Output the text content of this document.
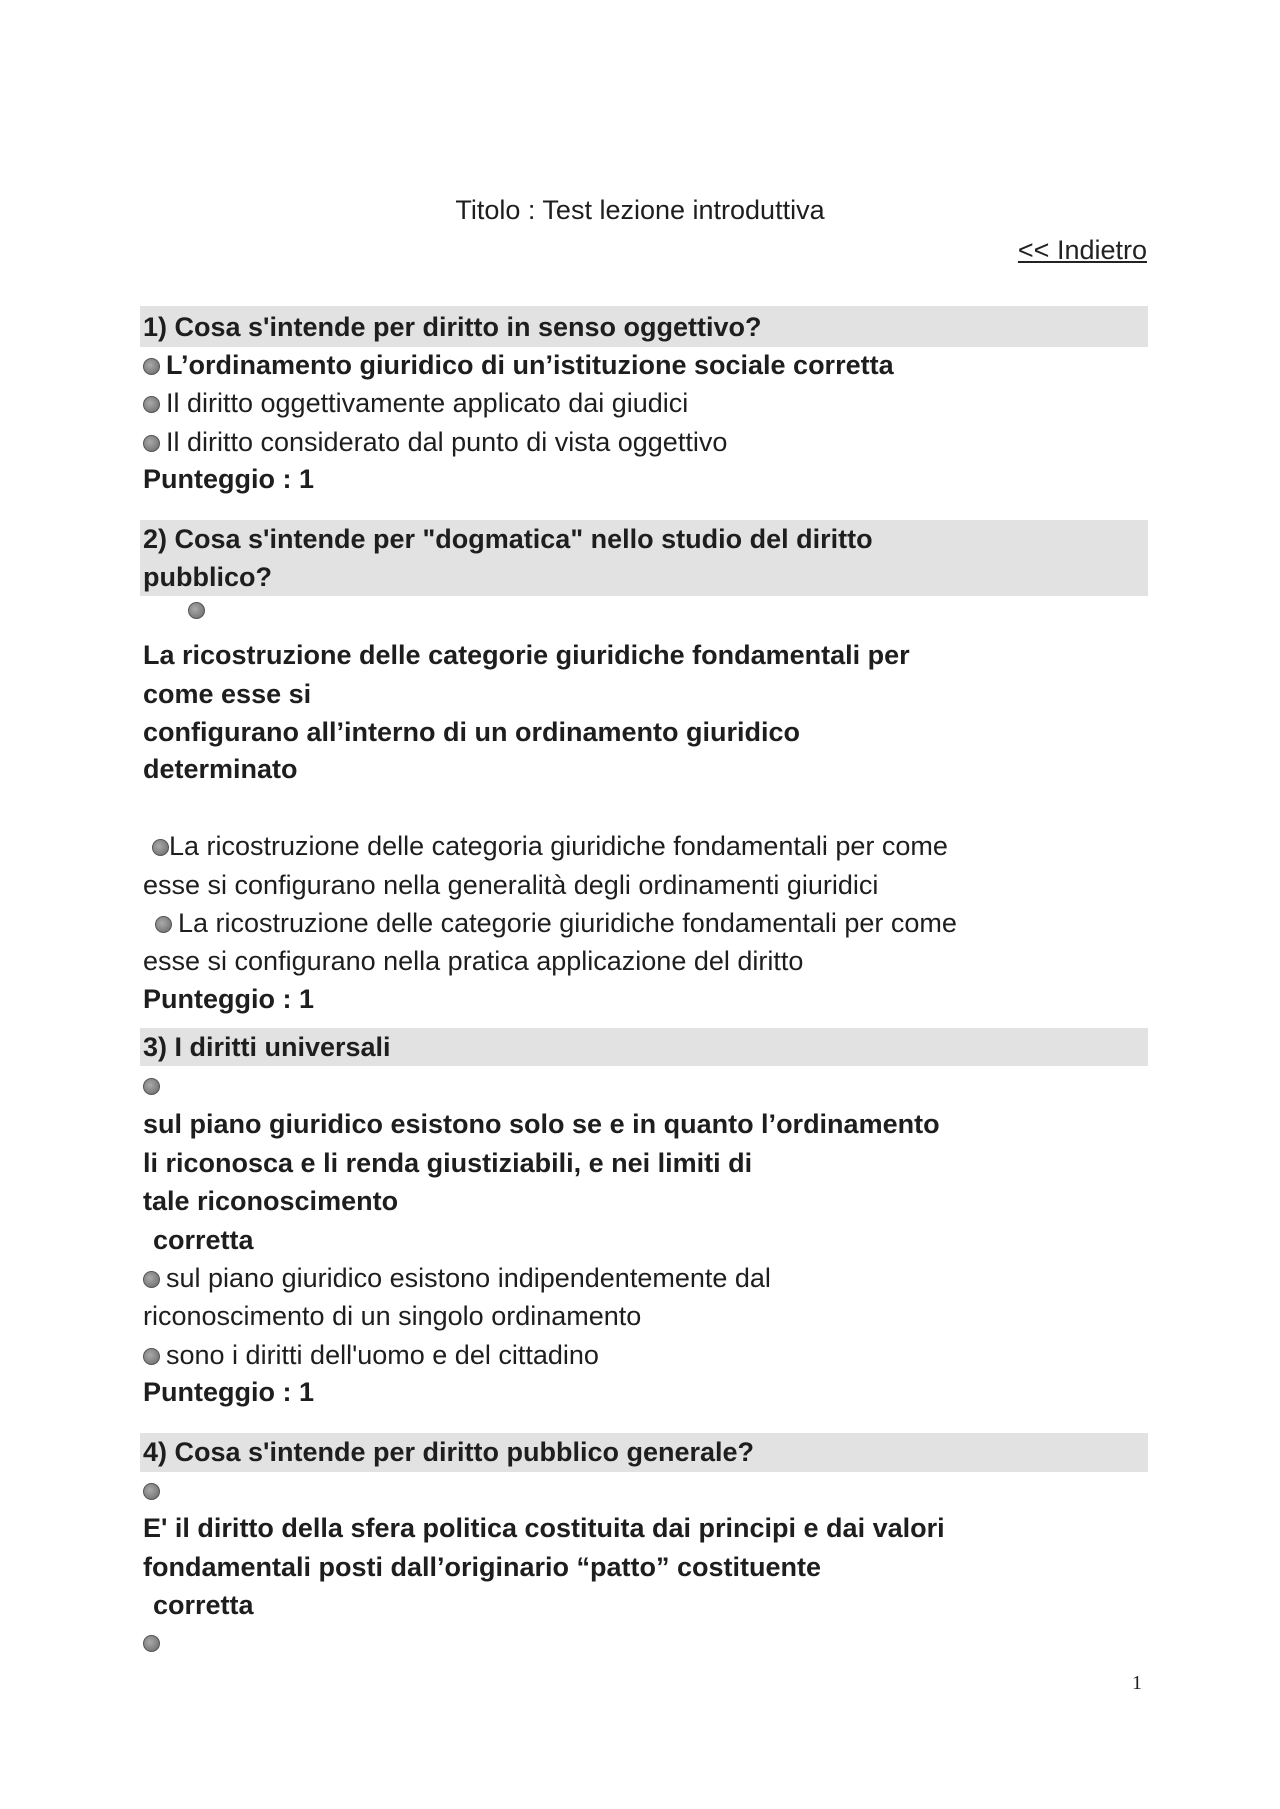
Titolo : Test lezione introduttiva
<< Indietro
1) Cosa s'intende per diritto in senso oggettivo?
L’ordinamento giuridico di un’istituzione sociale corretta
Il diritto oggettivamente applicato dai giudici
Il diritto considerato dal punto di vista oggettivo
Punteggio : 1
2) Cosa s'intende per "dogmatica" nello studio del diritto
pubblico?
La ricostruzione delle categorie giuridiche fondamentali per
come esse si
configurano all’interno di un ordinamento giuridico
determinato
La ricostruzione delle categoria giuridiche fondamentali per come
esse si configurano nella generalità degli ordinamenti giuridici
La ricostruzione delle categorie giuridiche fondamentali per come
esse si configurano nella pratica applicazione del diritto
Punteggio : 1
3) I diritti universali
sul piano giuridico esistono solo se e in quanto l’ordinamento
li riconosca e li renda giustiziabili, e nei limiti di
tale riconoscimento
corretta
sul piano giuridico esistono indipendentemente dal
riconoscimento di un singolo ordinamento
sono i diritti dell'uomo e del cittadino
Punteggio : 1
4) Cosa s'intende per diritto pubblico generale?
E' il diritto della sfera politica costituita dai principi e dai valori
fondamentali posti dall’originario “patto” costituente
corretta
1
